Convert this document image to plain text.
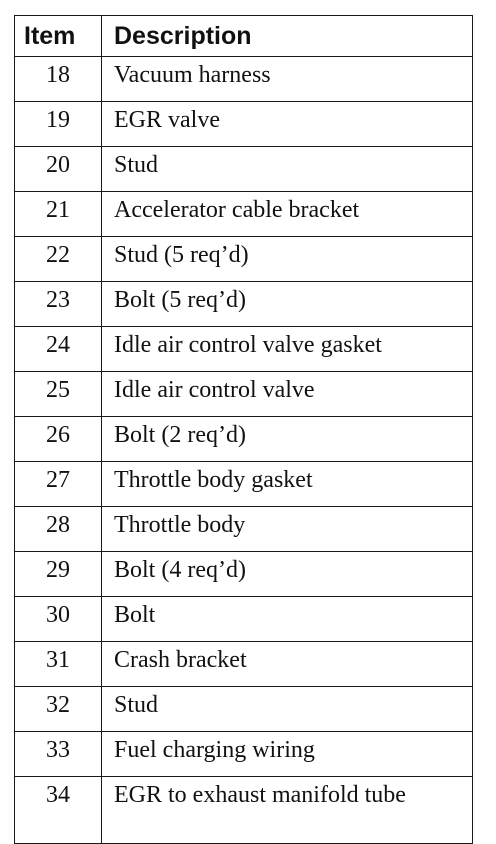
Item	Description
18	Vacuum harness
19	EGR valve
20	Stud
21	Accelerator cable bracket
22	Stud (5 req’d)
23	Bolt (5 req’d)
24	Idle air control valve gasket
25	Idle air control valve
26	Bolt (2 req’d)
27	Throttle body gasket
28	Throttle body
29	Bolt (4 req’d)
30	Bolt
31	Crash bracket
32	Stud
33	Fuel charging wiring
34	EGR to exhaust manifold tube
